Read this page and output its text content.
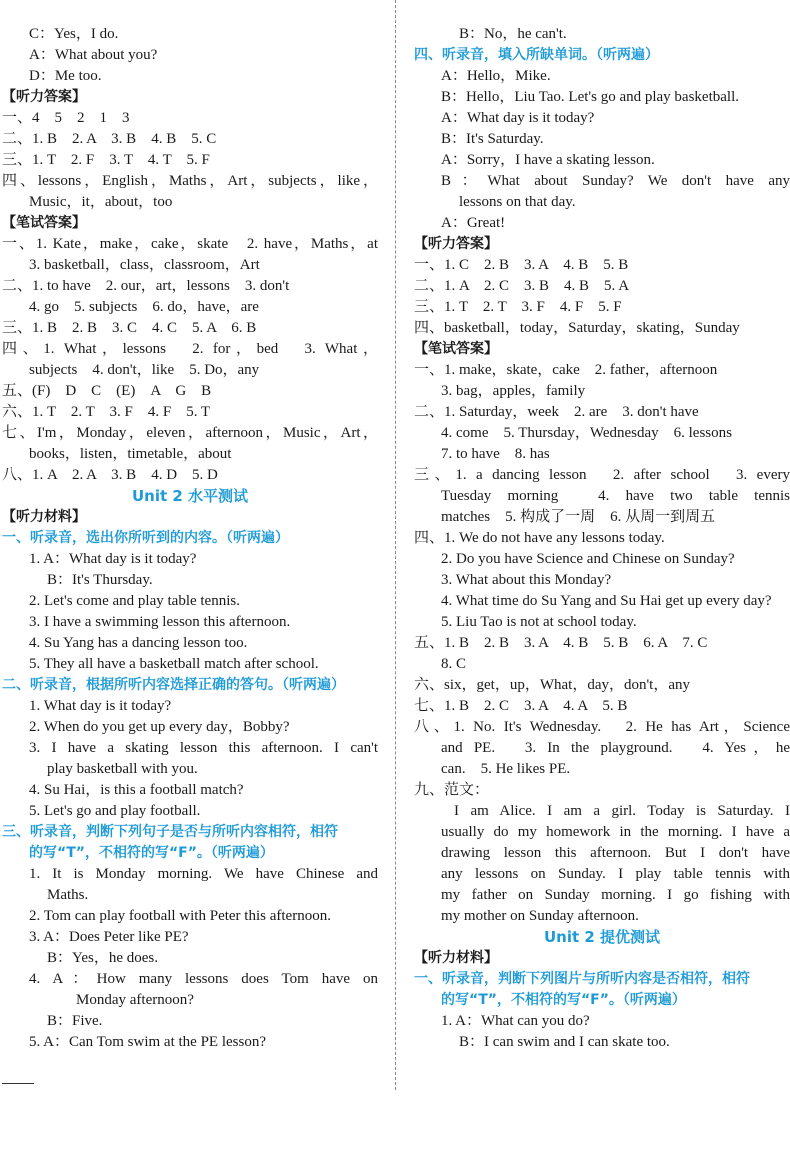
C：Yes，I do.
A：What about you?
D：Me too.
【听力答案】
一、4　5　2　1　3
二、1. B　2. A　3. B　4. B　5. C
三、1. T　2. F　3. T　4. T　5. F
四、lessons，English，Maths，Art，subjects，like，
Music，it，about，too
【笔试答案】
一、1. Kate，make，cake，skate　2. have，Maths，at
3. basketball，class，classroom，Art
二、1. to have　2. our，art，lessons　3. don't
4. go　5. subjects　6. do，have，are
三、1. B　2. B　3. C　4. C　5. A　6. B
四、1. What，lessons　2. for，bed　3. What，
subjects　4. don't，like　5. Do，any
五、(F)　D　C　(E)　A　G　B
六、1. T　2. T　3. F　4. F　5. T
七、I'm，Monday，eleven，afternoon，Music，Art，
books，listen，timetable，about
八、1. A　2. A　3. B　4. D　5. D
Unit 2 水平测试
【听力材料】
一、听录音，选出你所听到的内容。（听两遍）
1. A：What day is it today?
B：It's Thursday.
2. Let's come and play table tennis.
3. I have a swimming lesson this afternoon.
4. Su Yang has a dancing lesson too.
5. They all have a basketball match after school.
二、听录音，根据所听内容选择正确的答句。（听两遍）
1. What day is it today?
2. When do you get up every day，Bobby?
3. I have a skating lesson this afternoon. I can't
play basketball with you.
4. Su Hai，is this a football match?
5. Let's go and play football.
三、听录音，判断下列句子是否与所听内容相符，相符
的写“T”，不相符的写“F”。（听两遍）
1. It is Monday morning. We have Chinese and
Maths.
2. Tom can play football with Peter this afternoon.
3. A：Does Peter like PE?
B：Yes，he does.
4. A：How many lessons does Tom have on
Monday afternoon?
B：Five.
5. A：Can Tom swim at the PE lesson?
B：No，he can't.
四、听录音，填入所缺单词。（听两遍）
A：Hello，Mike.
B：Hello，Liu Tao. Let's go and play basketball.
A：What day is it today?
B：It's Saturday.
A：Sorry，I have a skating lesson.
B：What about Sunday? We don't have any
lessons on that day.
A：Great!
【听力答案】
一、1. C　2. B　3. A　4. B　5. B
二、1. A　2. C　3. B　4. B　5. A
三、1. T　2. T　3. F　4. F　5. F
四、basketball，today，Saturday，skating，Sunday
【笔试答案】
一、1. make，skate，cake　2. father，afternoon
3. bag，apples，family
二、1. Saturday，week　2. are　3. don't have
4. come　5. Thursday，Wednesday　6. lessons
7. to have　8. has
三、1. a dancing lesson　2. after school　3. every
Tuesday morning　4. have two table tennis
matches　5. 构成了一周　6. 从周一到周五
四、1. We do not have any lessons today.
2. Do you have Science and Chinese on Sunday?
3. What about this Monday?
4. What time do Su Yang and Su Hai get up every day?
5. Liu Tao is not at school today.
五、1. B　2. B　3. A　4. B　5. B　6. A　7. C
8. C
六、six，get，up，What，day，don't，any
七、1. B　2. C　3. A　4. A　5. B
八、1. No. It's Wednesday.　2. He has Art，Science
and PE.　3. In the playground.　4. Yes，he
can.　5. He likes PE.
九、范文：
I am Alice. I am a girl. Today is Saturday. I
usually do my homework in the morning. I have a
drawing lesson this afternoon. But I don't have
any lessons on Sunday. I play table tennis with
my father on Sunday morning. I go fishing with
my mother on Sunday afternoon.
Unit 2 提优测试
【听力材料】
一、听录音，判断下列图片与所听内容是否相符，相符
的写“T”，不相符的写“F”。（听两遍）
1. A：What can you do?
B：I can swim and I can skate too.
